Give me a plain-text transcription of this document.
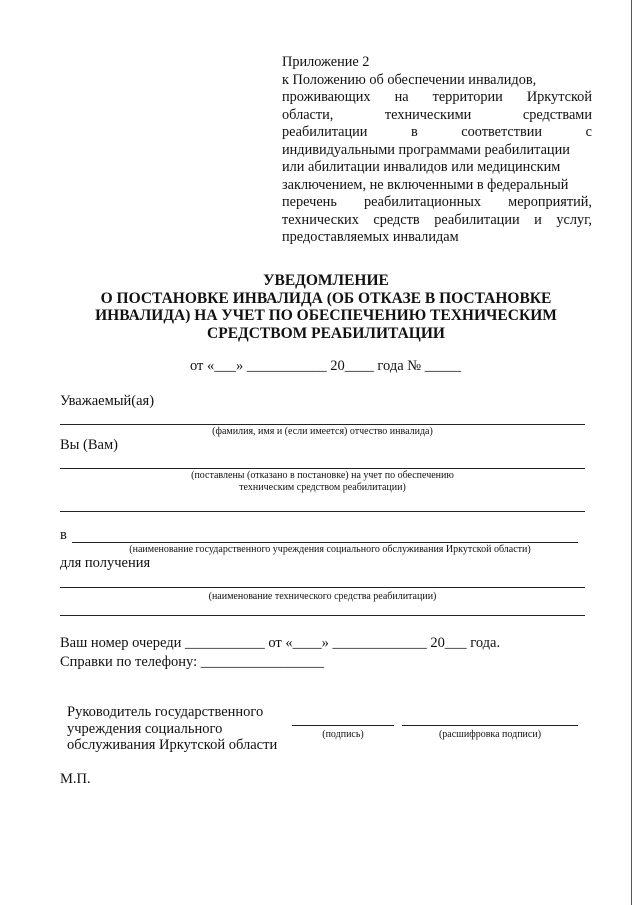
Приложение 2
к Положению об обеспечении инвалидов,
проживающих на территории Иркутской
области,	техническими	средствами
реабилитации	в	соответствии	с
индивидуальными программами реабилитации
или абилитации инвалидов или медицинским
заключением, не включенными в федеральный
перечень реабилитационных мероприятий,
технических средств реабилитации и услуг,
предоставляемых инвалидам
УВЕДОМЛЕНИЕ
О ПОСТАНОВКЕ ИНВАЛИДА (ОБ ОТКАЗЕ В ПОСТАНОВКЕ
ИНВАЛИДА) НА УЧЕТ ПО ОБЕСПЕЧЕНИЮ ТЕХНИЧЕСКИМ
СРЕДСТВОМ РЕАБИЛИТАЦИИ
от «___» ___________ 20____ года № _____
Уважаемый(ая)
(фамилия, имя и (если имеется) отчество инвалида)
Вы (Вам)
(поставлены (отказано в постановке) на учет по обеспечению
техническим средством реабилитации)
в
(наименование государственного учреждения социального обслуживания Иркутской области)
для получения
(наименование технического средства реабилитации)
Ваш номер очереди ___________ от «____» _____________ 20___ года.
Справки по телефону: _________________
Руководитель государственного
учреждения социального
обслуживания Иркутской области
(подпись)	(расшифровка подписи)
М.П.
